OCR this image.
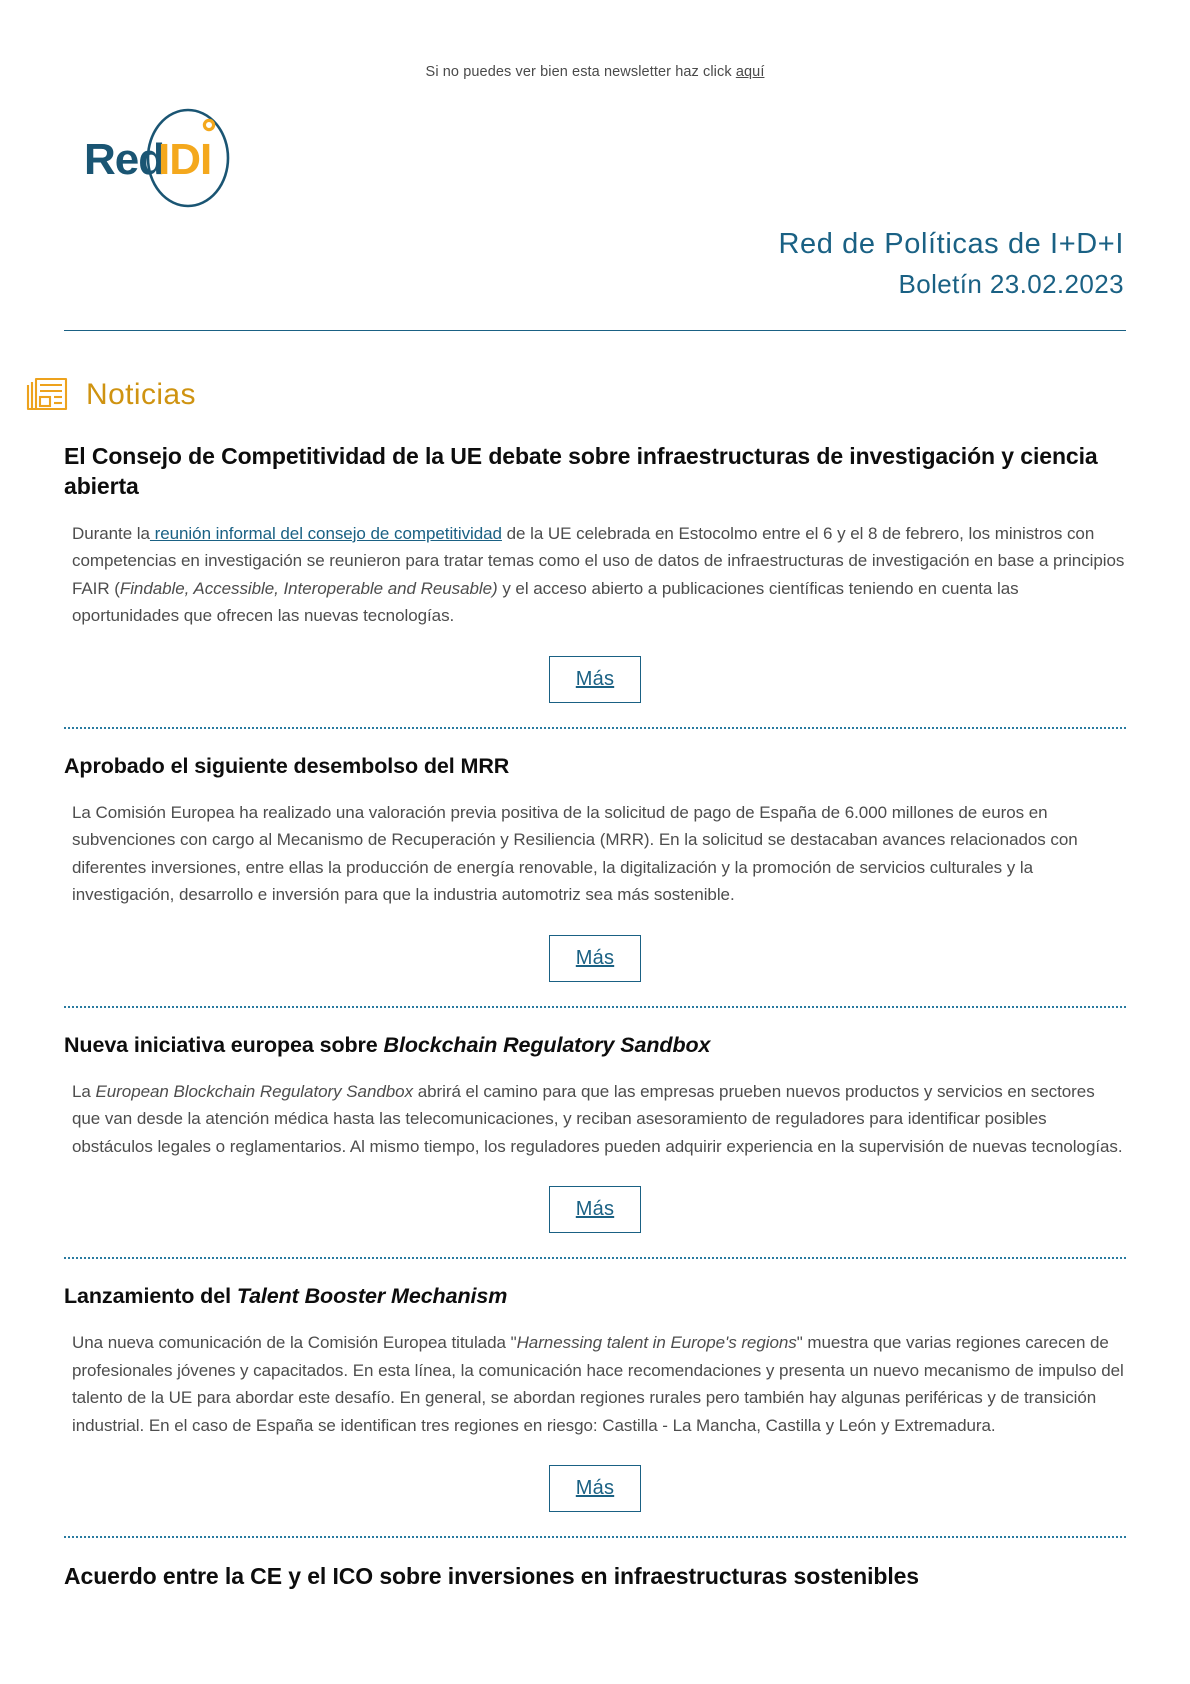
Si no puedes ver bien esta newsletter haz click aquí
Red
IDI
Red de Políticas de I+D+I
Boletín 23.02.2023
Noticias
El Consejo de Competitividad de la UE debate sobre infraestructuras de investigación y ciencia abierta

Durante la reunión informal del consejo de competitividad de la UE celebrada en Estocolmo entre el 6 y el 8 de febrero, los ministros con competencias en investigación se reunieron para tratar temas como el uso de datos de infraestructuras de investigación en base a principios FAIR (Findable, Accessible, Interoperable and Reusable) y el acceso abierto a publicaciones científicas teniendo en cuenta las oportunidades que ofrecen las nuevas tecnologías.

Más
Aprobado el siguiente desembolso del MRR

La Comisión Europea ha realizado una valoración previa positiva de la solicitud de pago de España de 6.000 millones de euros en subvenciones con cargo al Mecanismo de Recuperación y Resiliencia (MRR). En la solicitud se destacaban avances relacionados con diferentes inversiones, entre ellas la producción de energía renovable, la digitalización y la promoción de servicios culturales y la investigación, desarrollo e inversión para que la industria automotriz sea más sostenible.

Más
Nueva iniciativa europea sobre Blockchain Regulatory Sandbox

La European Blockchain Regulatory Sandbox abrirá el camino para que las empresas prueben nuevos productos y servicios en sectores que van desde la atención médica hasta las telecomunicaciones, y reciban asesoramiento de reguladores para identificar posibles obstáculos legales o reglamentarios. Al mismo tiempo, los reguladores pueden adquirir experiencia en la supervisión de nuevas tecnologías.

Más
Lanzamiento del Talent Booster Mechanism

Una nueva comunicación de la Comisión Europea titulada "Harnessing talent in Europe's regions" muestra que varias regiones carecen de profesionales jóvenes y capacitados. En esta línea, la comunicación hace recomendaciones y presenta un nuevo mecanismo de impulso del talento de la UE para abordar este desafío. En general, se abordan regiones rurales pero también hay algunas periféricas y de transición industrial. En el caso de España se identifican tres regiones en riesgo: Castilla - La Mancha, Castilla y León y Extremadura.

Más
Acuerdo entre la CE y el ICO sobre inversiones en infraestructuras sostenibles
